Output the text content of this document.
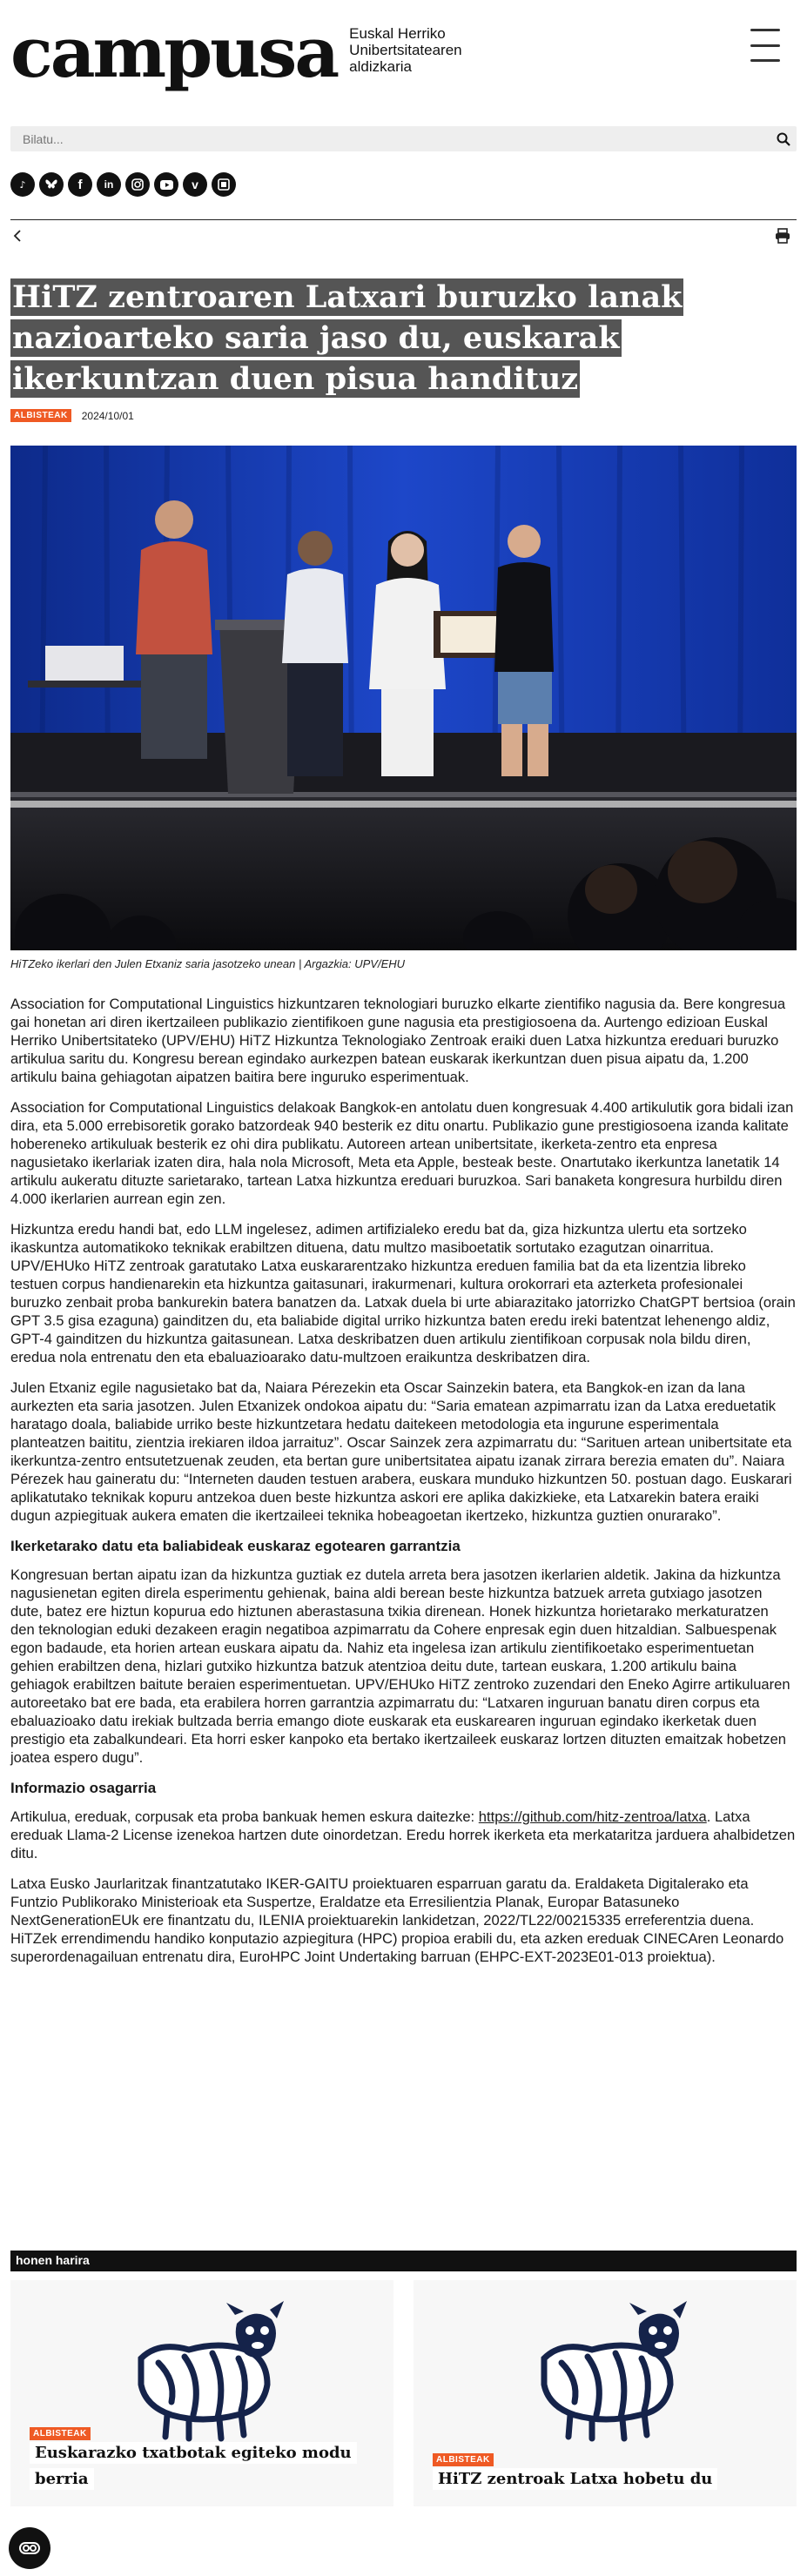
campusa Euskal Herriko
Unibertsitatearen
aldizkaria
Bilatu...
♪	f	in	v
HiTZ zentroaren Latxari buruzko lanak nazioarteko saria jaso du, euskarak ikerkuntzan duen pisua handituz
ALBISTEAK	2024/10/01
HiTZeko ikerlari den Julen Etxaniz saria jasotzeko unean | Argazkia: UPV/EHU

Association for Computational Linguistics hizkuntzaren teknologiari buruzko elkarte zientifiko nagusia da. Bere kongresua gai honetan ari diren ikertzaileen publikazio zientifikoen gune nagusia eta prestigiosoena da. Aurtengo edizioan Euskal Herriko Unibertsitateko (UPV/EHU) HiTZ Hizkuntza Teknologiako Zentroak eraiki duen Latxa hizkuntza ereduari buruzko artikulua saritu du. Kongresu berean egindako aurkezpen batean euskarak ikerkuntzan duen pisua aipatu da, 1.200 artikulu baina gehiagotan aipatzen baitira bere inguruko esperimentuak.

Association for Computational Linguistics delakoak Bangkok-en antolatu duen kongresuak 4.400 artikulutik gora bidali izan dira, eta 5.000 errebisoretik gorako batzordeak 940 besterik ez ditu onartu. Publikazio gune prestigiosoena izanda kalitate hobereneko artikuluak besterik ez ohi dira publikatu. Autoreen artean unibertsitate, ikerketa-zentro eta enpresa nagusietako ikerlariak izaten dira, hala nola Microsoft, Meta eta Apple, besteak beste. Onartutako ikerkuntza lanetatik 14 artikulu aukeratu dituzte sarietarako, tartean Latxa hizkuntza ereduari buruzkoa. Sari banaketa kongresura hurbildu diren 4.000 ikerlarien aurrean egin zen.

Hizkuntza eredu handi bat, edo LLM ingelesez, adimen artifizialeko eredu bat da, giza hizkuntza ulertu eta sortzeko ikaskuntza automatikoko teknikak erabiltzen dituena, datu multzo masiboetatik sortutako ezagutzan oinarritua. UPV/EHUko HiTZ zentroak garatutako Latxa euskararentzako hizkuntza ereduen familia bat da eta lizentzia libreko testuen corpus handienarekin eta hizkuntza gaitasunari, irakurmenari, kultura orokorrari eta azterketa profesionalei buruzko zenbait proba bankurekin batera banatzen da. Latxak duela bi urte abiarazitako jatorrizko ChatGPT bertsioa (orain GPT 3.5 gisa ezaguna) gainditzen du, eta baliabide digital urriko hizkuntza baten eredu ireki batentzat lehenengo aldiz, GPT-4 gainditzen du hizkuntza gaitasunean. Latxa deskribatzen duen artikulu zientifikoan corpusak nola bildu diren, eredua nola entrenatu den eta ebaluazioarako datu-multzoen eraikuntza deskribatzen dira.

Julen Etxaniz egile nagusietako bat da, Naiara Pérezekin eta Oscar Sainzekin batera, eta Bangkok-en izan da lana aurkezten eta saria jasotzen. Julen Etxanizek ondokoa aipatu du: “Saria ematean azpimarratu izan da Latxa ereduetatik haratago doala, baliabide urriko beste hizkuntzetara hedatu daitekeen metodologia eta ingurune esperimentala planteatzen baititu, zientzia irekiaren ildoa jarraituz”. Oscar Sainzek zera azpimarratu du: “Sarituen artean unibertsitate eta ikerkuntza-zentro entsutetzuenak zeuden, eta bertan gure unibertsitatea aipatu izanak zirrara berezia ematen du”. Naiara Pérezek hau gaineratu du: “Interneten dauden testuen arabera, euskara munduko hizkuntzen 50. postuan dago. Euskarari aplikatutako teknikak kopuru antzekoa duen beste hizkuntza askori ere aplika dakizkieke, eta Latxarekin batera eraiki dugun azpiegituak aukera ematen die ikertzaileei teknika hobeagoetan ikertzeko, hizkuntza guztien onurarako”.

Ikerketarako datu eta baliabideak euskaraz egotearen garrantzia

Kongresuan bertan aipatu izan da hizkuntza guztiak ez dutela arreta bera jasotzen ikerlarien aldetik. Jakina da hizkuntza nagusienetan egiten direla esperimentu gehienak, baina aldi berean beste hizkuntza batzuek arreta gutxiago jasotzen dute, batez ere hiztun kopurua edo hiztunen aberastasuna txikia direnean. Honek hizkuntza horietarako merkaturatzen den teknologian eduki dezakeen eragin negatiboa azpimarratu da Cohere enpresak egin duen hitzaldian. Salbuespenak egon badaude, eta horien artean euskara aipatu da. Nahiz eta ingelesa izan artikulu zientifikoetako esperimentuetan gehien erabiltzen dena, hizlari gutxiko hizkuntza batzuk atentzioa deitu dute, tartean euskara, 1.200 artikulu baina gehiagok erabiltzen baitute beraien esperimentuetan. UPV/EHUko HiTZ zentroko zuzendari den Eneko Agirre artikuluaren autoreetako bat ere bada, eta erabilera horren garrantzia azpimarratu du: “Latxaren inguruan banatu diren corpus eta ebaluazioako datu irekiak bultzada berria emango diote euskarak eta euskarearen inguruan egindako ikerketak duen prestigio eta zabalkundeari. Eta horri esker kanpoko eta bertako ikertzaileek euskaraz lortzen dituzten emaitzak hobetzen joatea espero dugu”.

Informazio osagarria

Artikulua, ereduak, corpusak eta proba bankuak hemen eskura daitezke: https://github.com/hitz-zentroa/latxa. Latxa ereduak Llama-2 License izenekoa hartzen dute oinordetzan. Eredu horrek ikerketa eta merkataritza jarduera ahalbidetzen ditu.

Latxa Eusko Jaurlaritzak finantzatutako IKER-GAITU proiektuaren esparruan garatu da. Eraldaketa Digitalerako eta Funtzio Publikorako Ministerioak eta Suspertze, Eraldatze eta Erresilientzia Planak, Europar Batasuneko NextGenerationEUk ere finantzatu du, ILENIA proiektuarekin lankidetzan, 2022/TL22/00215335 erreferentzia duena. HiTZek errendimendu handiko konputazio azpiegitura (HPC) propioa erabili du, eta azken ereduak CINECAren Leonardo superordenagailuan entrenatu dira, EuroHPC Joint Undertaking barruan (EHPC-EXT-2023E01-013 proiektua).

honen harira
ALBISTEAK
Euskarazko txatbotak egiteko modu berria
ALBISTEAK
HiTZ zentroak Latxa hobetu du
